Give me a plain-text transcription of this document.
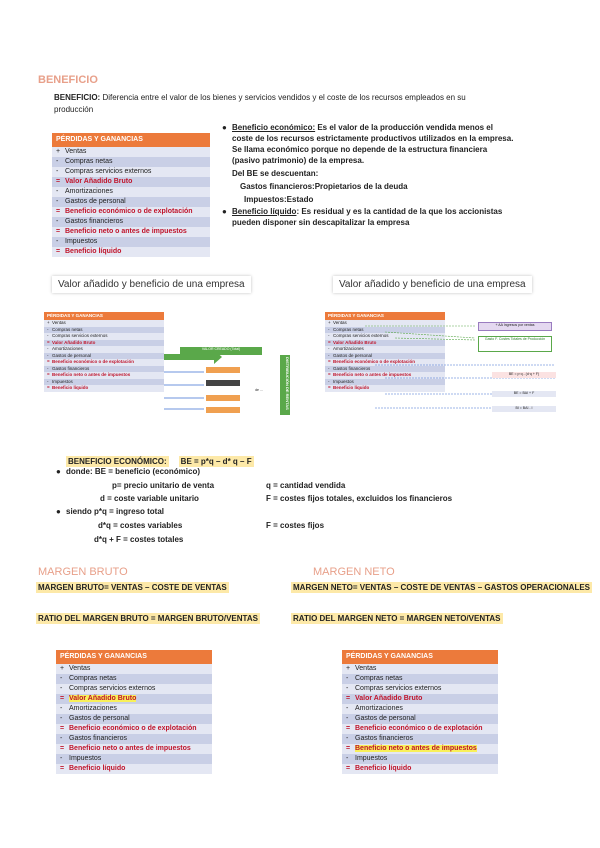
BENEFICIO
BENEFICIO: Diferencia entre el valor de los bienes y servicios vendidos y el coste de los recursos empleados en su
producción
PÉRDIDAS Y GANANCIAS
+ Ventas
- Compras netas
- Compras servicios externos
= Valor Añadido Bruto
- Amortizaciones
- Gastos de personal
= Beneficio económico o de explotación
- Gastos financieros
= Beneficio neto o antes de impuestos
- Impuestos
= Beneficio líquido
● Beneficio económico: Es el valor de la producción vendida menos el
coste de los recursos estrictamente productivos utilizados en la empresa.
Se llama económico porque no depende de la estructura financiera
(pasivo patrimonio) de la empresa.
Del BE se descuentan:
Gastos financieros:Propietarios de la deuda
Impuestos:Estado
● Beneficio líquido: Es residual y es la cantidad de la que los accionistas
pueden disponer sin descapitalizar la empresa
Valor añadido y beneficio de una empresa	Valor añadido y beneficio de una empresa
PÉRDIDAS Y GANANCIAS
+ Ventas
- Compras netas
- Compras servicios externos
= Valor Añadido Bruto
- Amortizaciones
- Gastos de personal
= Beneficio económico o de explotación
- Gastos financieros
= Beneficio neto o antes de impuestos
- Impuestos
= Beneficio líquido
VALOR CREADO (Total)
de ...	DISTRIBUCIÓN DE RENTAS
PÉRDIDAS Y GANANCIAS
+ Ventas
- Compras netas
- Compras servicios externos
= Valor Añadido Bruto
- Amortizaciones
- Gastos de personal
= Beneficio económico o de explotación
- Gastos financieros
= Beneficio neto o antes de impuestos
- Impuestos
= Beneficio líquido
+ AA Ingresos por ventas
Gasto F. Costes Totales de Producción
BE = p·q - (d·q + F)
BE = BAI + F
BI = BAI - I
BENEFICIO ECONÓMICO: BE = p*q – d* q – F
● donde: BE = beneficio (económico)
p= precio unitario de venta	q = cantidad vendida
d = coste variable unitario	F = costes fijos totales, excluidos los financieros
● siendo p*q = ingreso total
d*q = costes variables	F = costes fijos
d*q + F = costes totales
MARGEN BRUTO
MARGEN BRUTO= VENTAS – COSTE DE VENTAS
RATIO DEL MARGEN BRUTO = MARGEN BRUTO/VENTAS
MARGEN NETO
MARGEN NETO= VENTAS – COSTE DE VENTAS – GASTOS OPERACIONALES
RATIO DEL MARGEN NETO = MARGEN NETO/VENTAS
PÉRDIDAS Y GANANCIAS
+ Ventas
- Compras netas
- Compras servicios externos
= Valor Añadido Bruto
- Amortizaciones
- Gastos de personal
= Beneficio económico o de explotación
- Gastos financieros
= Beneficio neto o antes de impuestos
- Impuestos
= Beneficio líquido
PÉRDIDAS Y GANANCIAS
+ Ventas
- Compras netas
- Compras servicios externos
= Valor Añadido Bruto
- Amortizaciones
- Gastos de personal
= Beneficio económico o de explotación
- Gastos financieros
= Beneficio neto o antes de impuestos
- Impuestos
= Beneficio líquido
